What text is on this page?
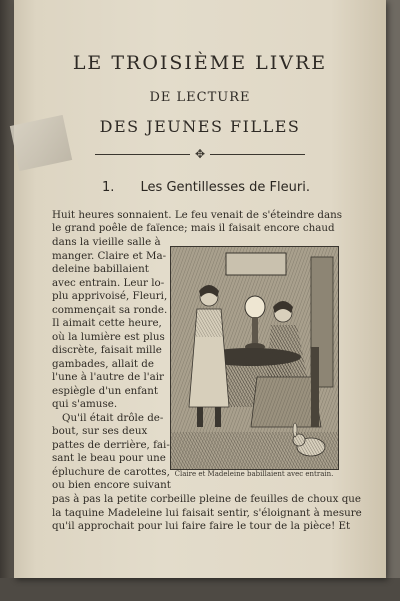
LE TROISIÈME LIVRE
DE LECTURE
DES JEUNES FILLES
✥
1. Les Gentillesses de Fleuri.
Huit heures sonnaient. Le feu venait de s'éteindre dans
le grand poêle de faïence; mais il faisait encore chaud
dans la vieille salle à
manger. Claire et Ma-
deleine babillaient
avec entrain. Leur lo-
plu apprivoisé, Fleuri,
commençait sa ronde.
Il aimait cette heure,
où la lumière est plus
discrète, faisait mille
gambades, allait de
l'une à l'autre de l'air
espiègle d'un enfant
qui s'amuse.
Qu'il était drôle de-
bout, sur ses deux
pattes de derrière, fai-
sant le beau pour une
épluchure de carottes,
ou bien encore suivant
pas à pas la petite corbeille pleine de feuilles de choux que
la taquine Madeleine lui faisait sentir, s'éloignant à mesure
qu'il approchait pour lui faire faire le tour de la pièce! Et
Claire et Madeleine babillaient avec entrain.
